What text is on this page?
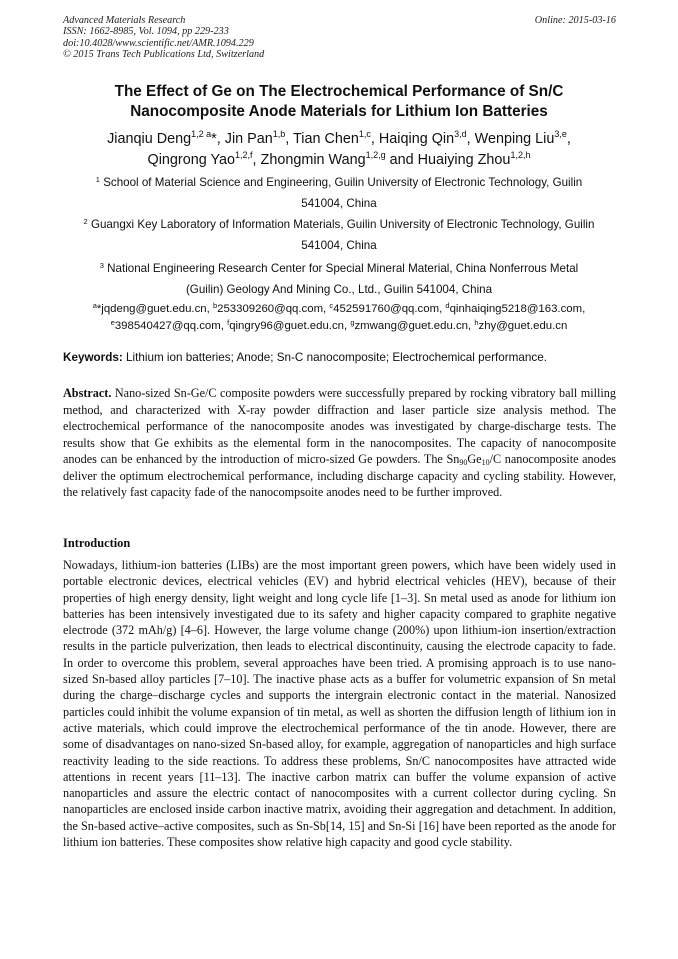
Advanced Materials Research
ISSN: 1662-8985, Vol. 1094, pp 229-233
doi:10.4028/www.scientific.net/AMR.1094.229
© 2015 Trans Tech Publications Ltd, Switzerland
Online: 2015-03-16
The Effect of Ge on The Electrochemical Performance of Sn/C
Nanocomposite Anode Materials for Lithium Ion Batteries
Jianqiu Deng$^{1,2 a}$*, Jin Pan$^{1,b}$, Tian Chen$^{1,c}$, Haiqing Qin$^{3,d}$, Wenping Liu$^{3,e}$,
Qingrong Yao$^{1,2,f}$, Zhongmin Wang$^{1,2,g}$ and Huaiying Zhou$^{1,2,h}$
$^1$ School of Material Science and Engineering, Guilin University of Electronic Technology, Guilin
541004, China
$^2$ Guangxi Key Laboratory of Information Materials, Guilin University of Electronic Technology, Guilin
541004, China
$^3$ National Engineering Research Center for Special Mineral Material, China Nonferrous Metal
(Guilin) Geology And Mining Co., Ltd., Guilin 541004, China
$^a$*jqdeng@guet.edu.cn, $^b$253309260@qq.com, $^c$452591760@qq.com, $^d$qinhaiqing5218@163.com,
$^e$398540427@qq.com, $^f$qingry96@guet.edu.cn, $^g$zmwang@guet.edu.cn, $^h$zhy@guet.edu.cn
Keywords: Lithium ion batteries; Anode; Sn-C nanocomposite; Electrochemical performance.
Abstract. Nano-sized Sn-Ge/C composite powders were successfully prepared by rocking vibratory ball milling method, and characterized with X-ray powder diffraction and laser particle size analysis method. The electrochemical performance of the nanocomposite anodes was investigated by charge-discharge tests. The results show that Ge exhibits as the elemental form in the nanocomposites. The capacity of nanocomposite anodes can be enhanced by the introduction of micro-sized Ge powders. The $Sn_{90}Ge_{10}/C$ nanocomposite anodes deliver the optimum electrochemical performance, including discharge capacity and cycling stability. However, the relatively fast capacity fade of the nanocompsoite anodes need to be further improved.
Introduction
Nowadays, lithium-ion batteries (LIBs) are the most important green powers, which have been widely used in portable electronic devices, electrical vehicles (EV) and hybrid electrical vehicles (HEV), because of their properties of high energy density, light weight and long cycle life [1–3]. Sn metal used as anode for lithium ion batteries has been intensively investigated due to its safety and higher capacity compared to graphite negative electrode (372 mAh/g) [4–6]. However, the large volume change (200%) upon lithium-ion insertion/extraction results in the particle pulverization, then leads to electrical discontinuity, causing the electrode capacity to fade. In order to overcome this problem, several approaches have been tried. A promising approach is to use nano-sized Sn-based alloy particles [7–10]. The inactive phase acts as a buffer for volumetric expansion of Sn metal during the charge–discharge cycles and supports the intergrain electronic contact in the material. Nanosized particles could inhibit the volume expansion of tin metal, as well as shorten the diffusion length of lithium ion in active materials, which could improve the electrochemical performance of the tin anode. However, there are some of disadvantages on nano-sized Sn-based alloy, for example, aggregation of nanoparticles and high surface reactivity leading to the side reactions. To address these problems, Sn/C nanocomposites have attracted wide attentions in recent years [11–13]. The inactive carbon matrix can buffer the volume expansion of active nanoparticles and assure the electric contact of nanocomposites with a current collector during cycling. Sn nanoparticles are enclosed inside carbon inactive matrix, avoiding their aggregation and detachment. In addition, the Sn-based active–active composites, such as Sn-Sb[14, 15] and Sn-Si [16] have been reported as the anode for lithium ion batteries. These composites show relative high capacity and good cycle stability.
